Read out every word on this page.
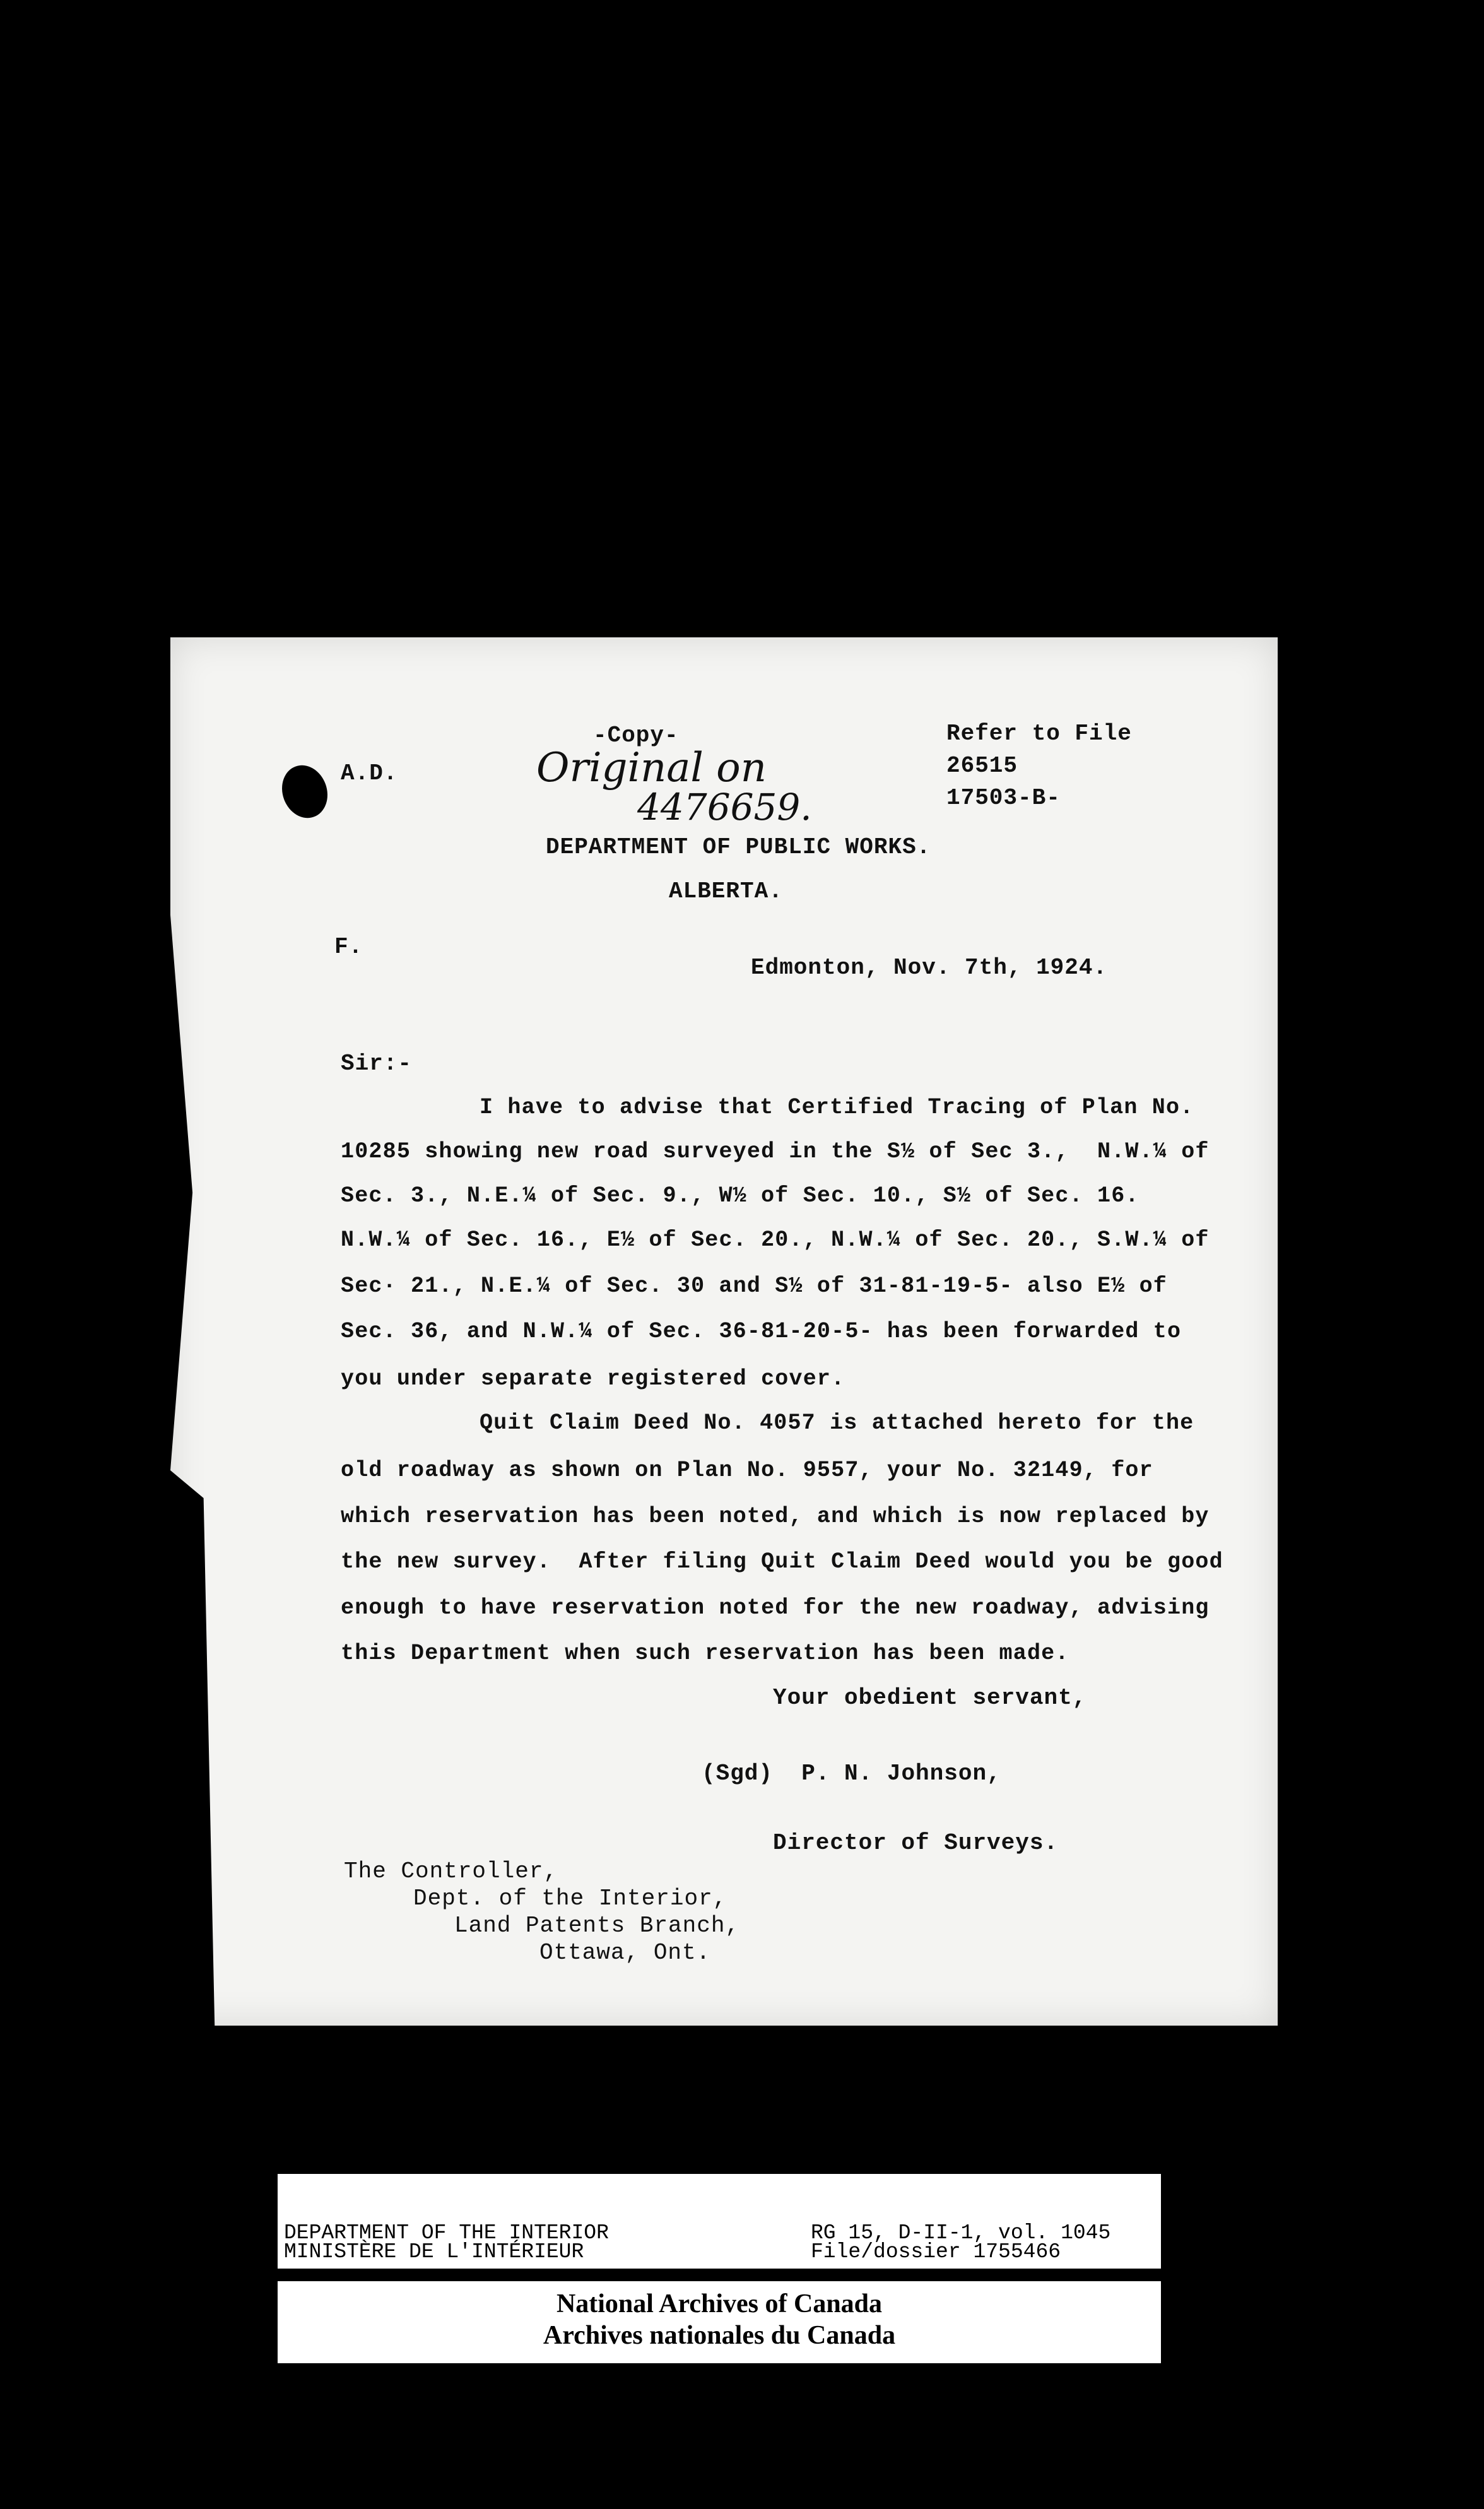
A.D.
-Copy-
Original on
4476659.
Refer to File
26515
17503-B-
DEPARTMENT OF PUBLIC WORKS.
ALBERTA.
F.
Edmonton, Nov. 7th, 1924.
Sir:-
I have to advise that Certified Tracing of Plan No.
10285 showing new road surveyed in the S½ of Sec 3.,  N.W.¼ of
Sec. 3., N.E.¼ of Sec. 9., W½ of Sec. 10., S½ of Sec. 16.
N.W.¼ of Sec. 16., E½ of Sec. 20., N.W.¼ of Sec. 20., S.W.¼ of
Sec· 21., N.E.¼ of Sec. 30 and S½ of 31-81-19-5- also E½ of
Sec. 36, and N.W.¼ of Sec. 36-81-20-5- has been forwarded to
you under separate registered cover.
Quit Claim Deed No. 4057 is attached hereto for the
old roadway as shown on Plan No. 9557, your No. 32149, for
which reservation has been noted, and which is now replaced by
the new survey.  After filing Quit Claim Deed would you be good
enough to have reservation noted for the new roadway, advising
this Department when such reservation has been made.
Your obedient servant,
(Sgd)  P. N. Johnson,
Director of Surveys.
The Controller,
Dept. of the Interior,
Land Patents Branch,
Ottawa, Ont.
DEPARTMENT OF THE INTERIOR
MINISTÈRE DE L'INTÉRIEUR
RG 15, D-II-1, vol. 1045
File/dossier 1755466
National Archives of Canada
Archives nationales du Canada
